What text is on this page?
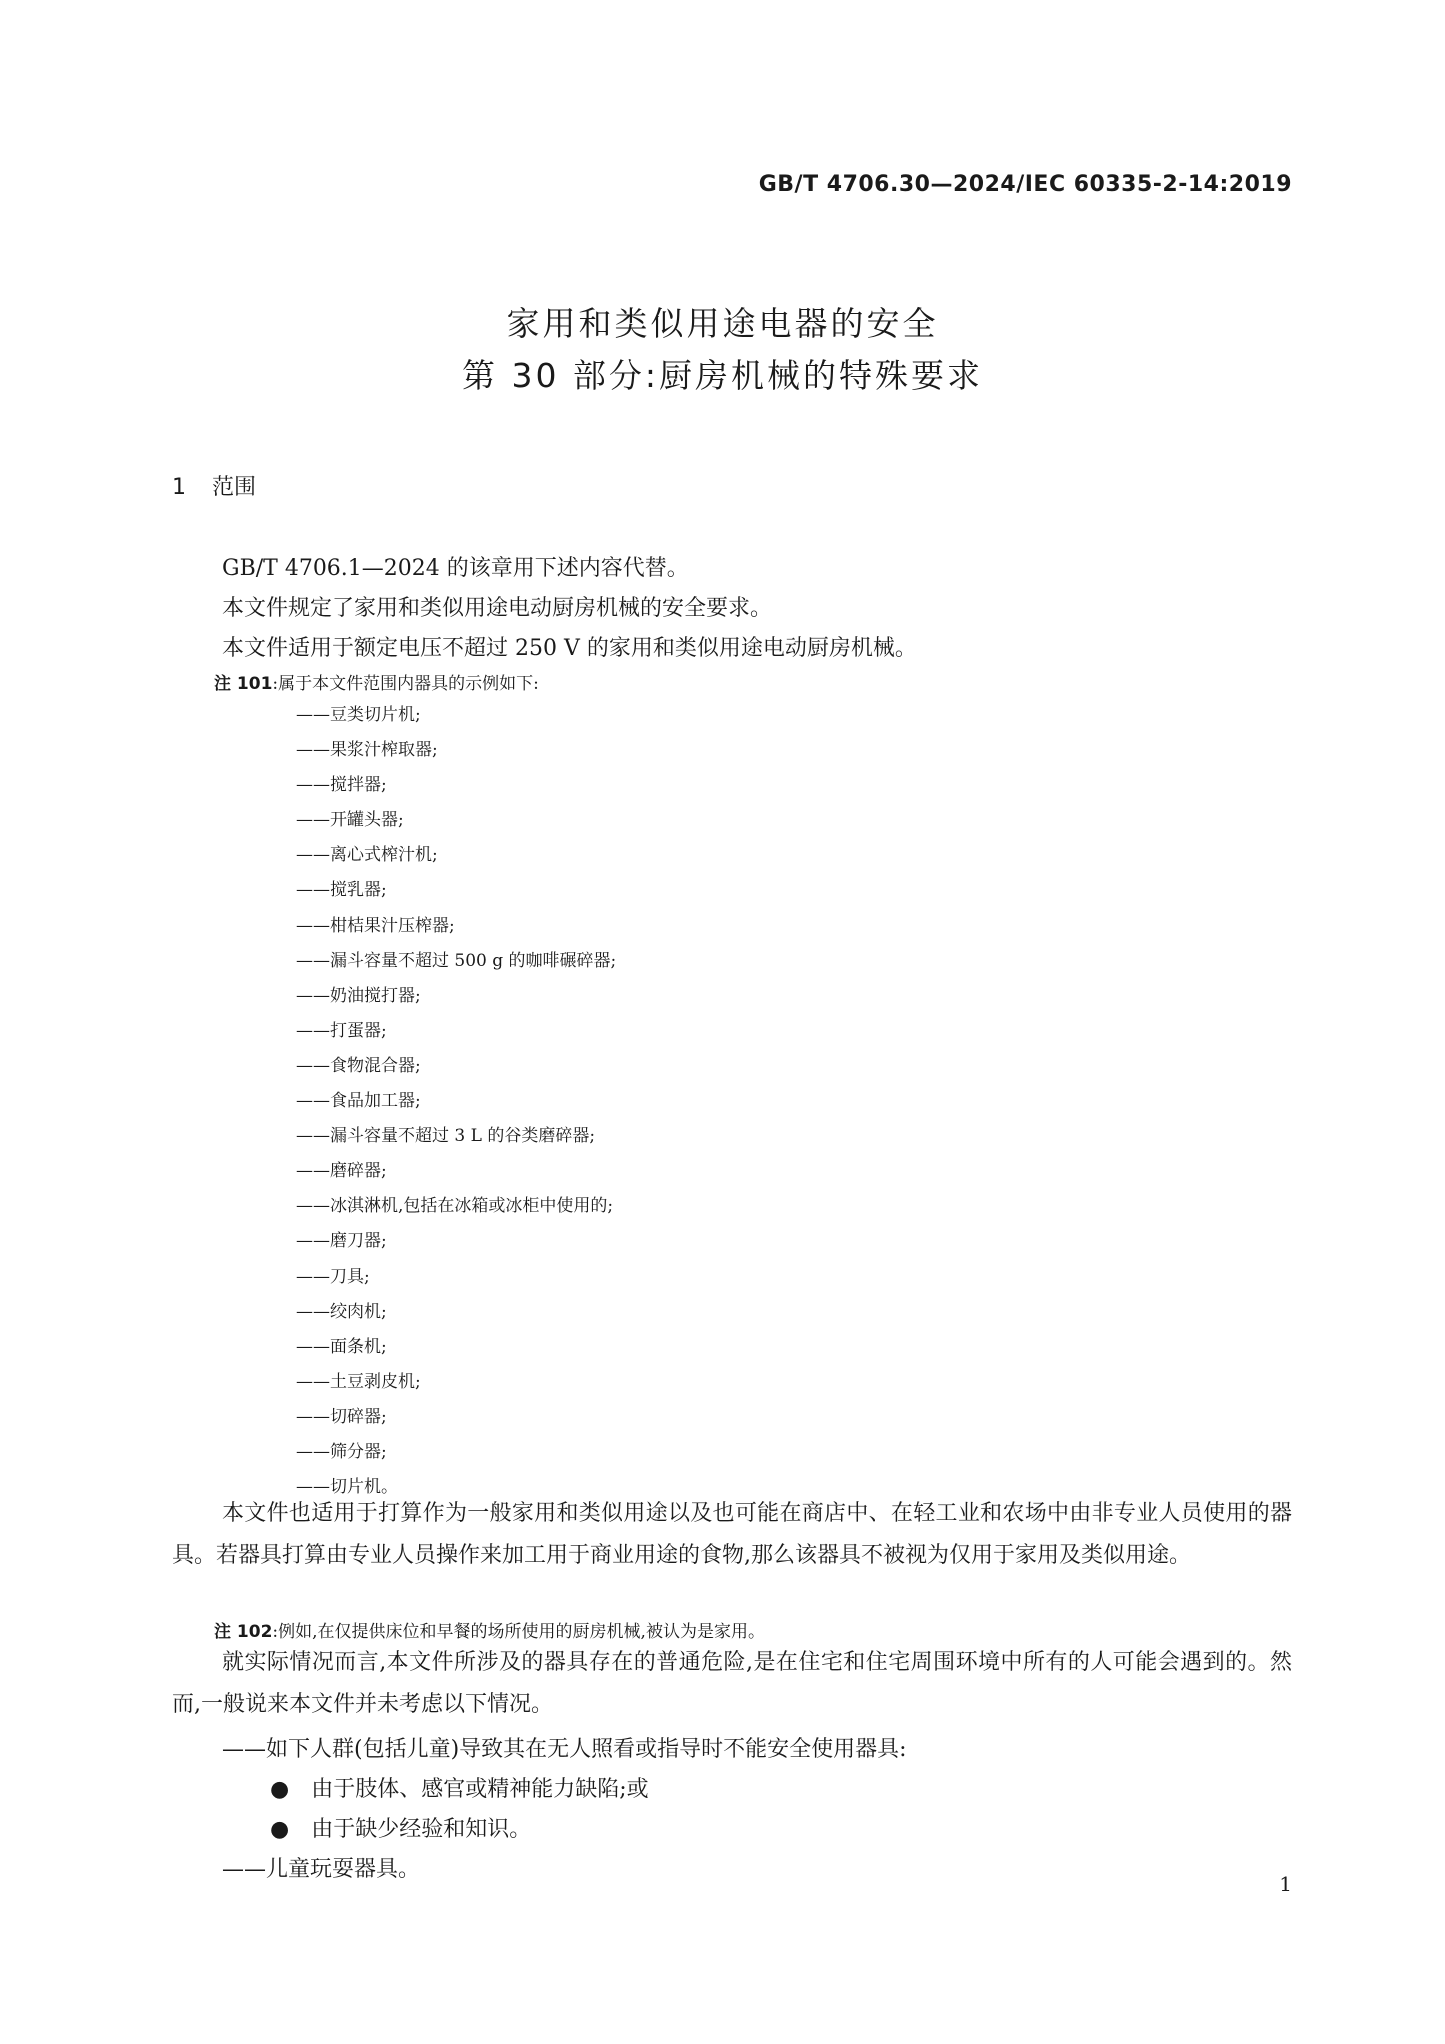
GB/T 4706.30—2024/IEC 60335-2-14:2019
家用和类似用途电器的安全
第 30 部分:厨房机械的特殊要求
1 范围
GB/T 4706.1—2024 的该章用下述内容代替。
本文件规定了家用和类似用途电动厨房机械的安全要求。
本文件适用于额定电压不超过 250 V 的家用和类似用途电动厨房机械。
注 101:属于本文件范围内器具的示例如下:
——豆类切片机;
——果浆汁榨取器;
——搅拌器;
——开罐头器;
——离心式榨汁机;
——搅乳器;
——柑桔果汁压榨器;
——漏斗容量不超过 500 g 的咖啡碾碎器;
——奶油搅打器;
——打蛋器;
——食物混合器;
——食品加工器;
——漏斗容量不超过 3 L 的谷类磨碎器;
——磨碎器;
——冰淇淋机,包括在冰箱或冰柜中使用的;
——磨刀器;
——刀具;
——绞肉机;
——面条机;
——土豆剥皮机;
——切碎器;
——筛分器;
——切片机。

本文件也适用于打算作为一般家用和类似用途以及也可能在商店中、在轻工业和农场中由非专业人员使用的器具。若器具打算由专业人员操作来加工用于商业用途的食物,那么该器具不被视为仅用于家用及类似用途。

注 102:例如,在仅提供床位和早餐的场所使用的厨房机械,被认为是家用。

就实际情况而言,本文件所涉及的器具存在的普通危险,是在住宅和住宅周围环境中所有的人可能会遇到的。然而,一般说来本文件并未考虑以下情况。

——如下人群(包括儿童)导致其在无人照看或指导时不能安全使用器具:
● 由于肢体、感官或精神能力缺陷;或
● 由于缺少经验和知识。
——儿童玩耍器具。
1
